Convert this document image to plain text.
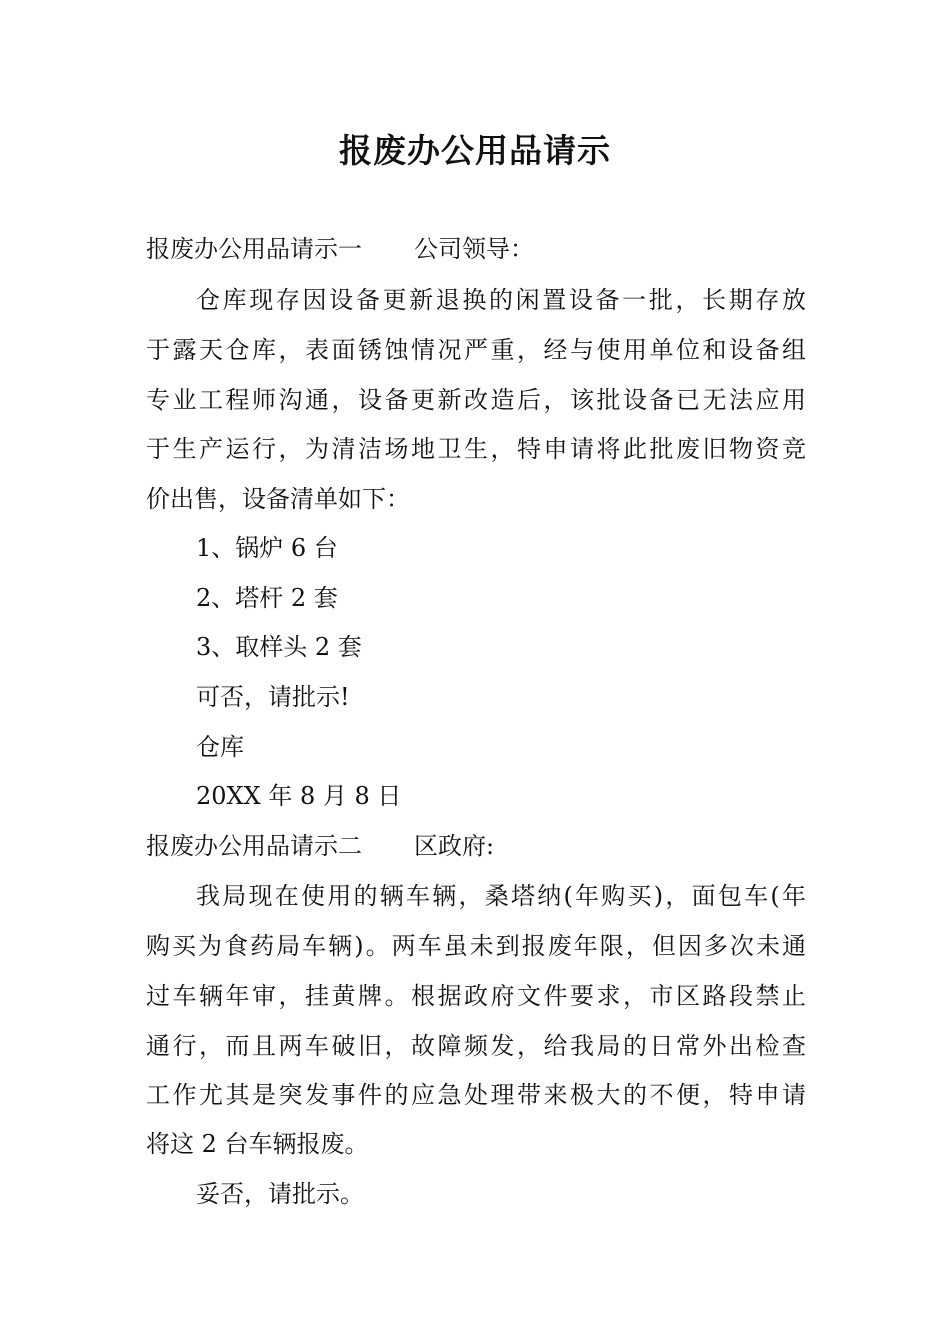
报废办公用品请示
报废办公用品请示一 公司领导：
仓库现存因设备更新退换的闲置设备一批，长期存放
于露天仓库，表面锈蚀情况严重，经与使用单位和设备组
专业工程师沟通，设备更新改造后，该批设备已无法应用
于生产运行，为清洁场地卫生，特申请将此批废旧物资竞
价出售，设备清单如下：
1、锅炉 6 台
2、塔杆 2 套
3、取样头 2 套
可否，请批示!
仓库
20XX 年 8 月 8 日
报废办公用品请示二 区政府:
我局现在使用的辆车辆，桑塔纳(年购买)，面包车(年
购买为食药局车辆)。两车虽未到报废年限，但因多次未通
过车辆年审，挂黄牌。根据政府文件要求，市区路段禁止
通行，而且两车破旧，故障频发，给我局的日常外出检查
工作尤其是突发事件的应急处理带来极大的不便，特申请
将这 2 台车辆报废。
妥否，请批示。
